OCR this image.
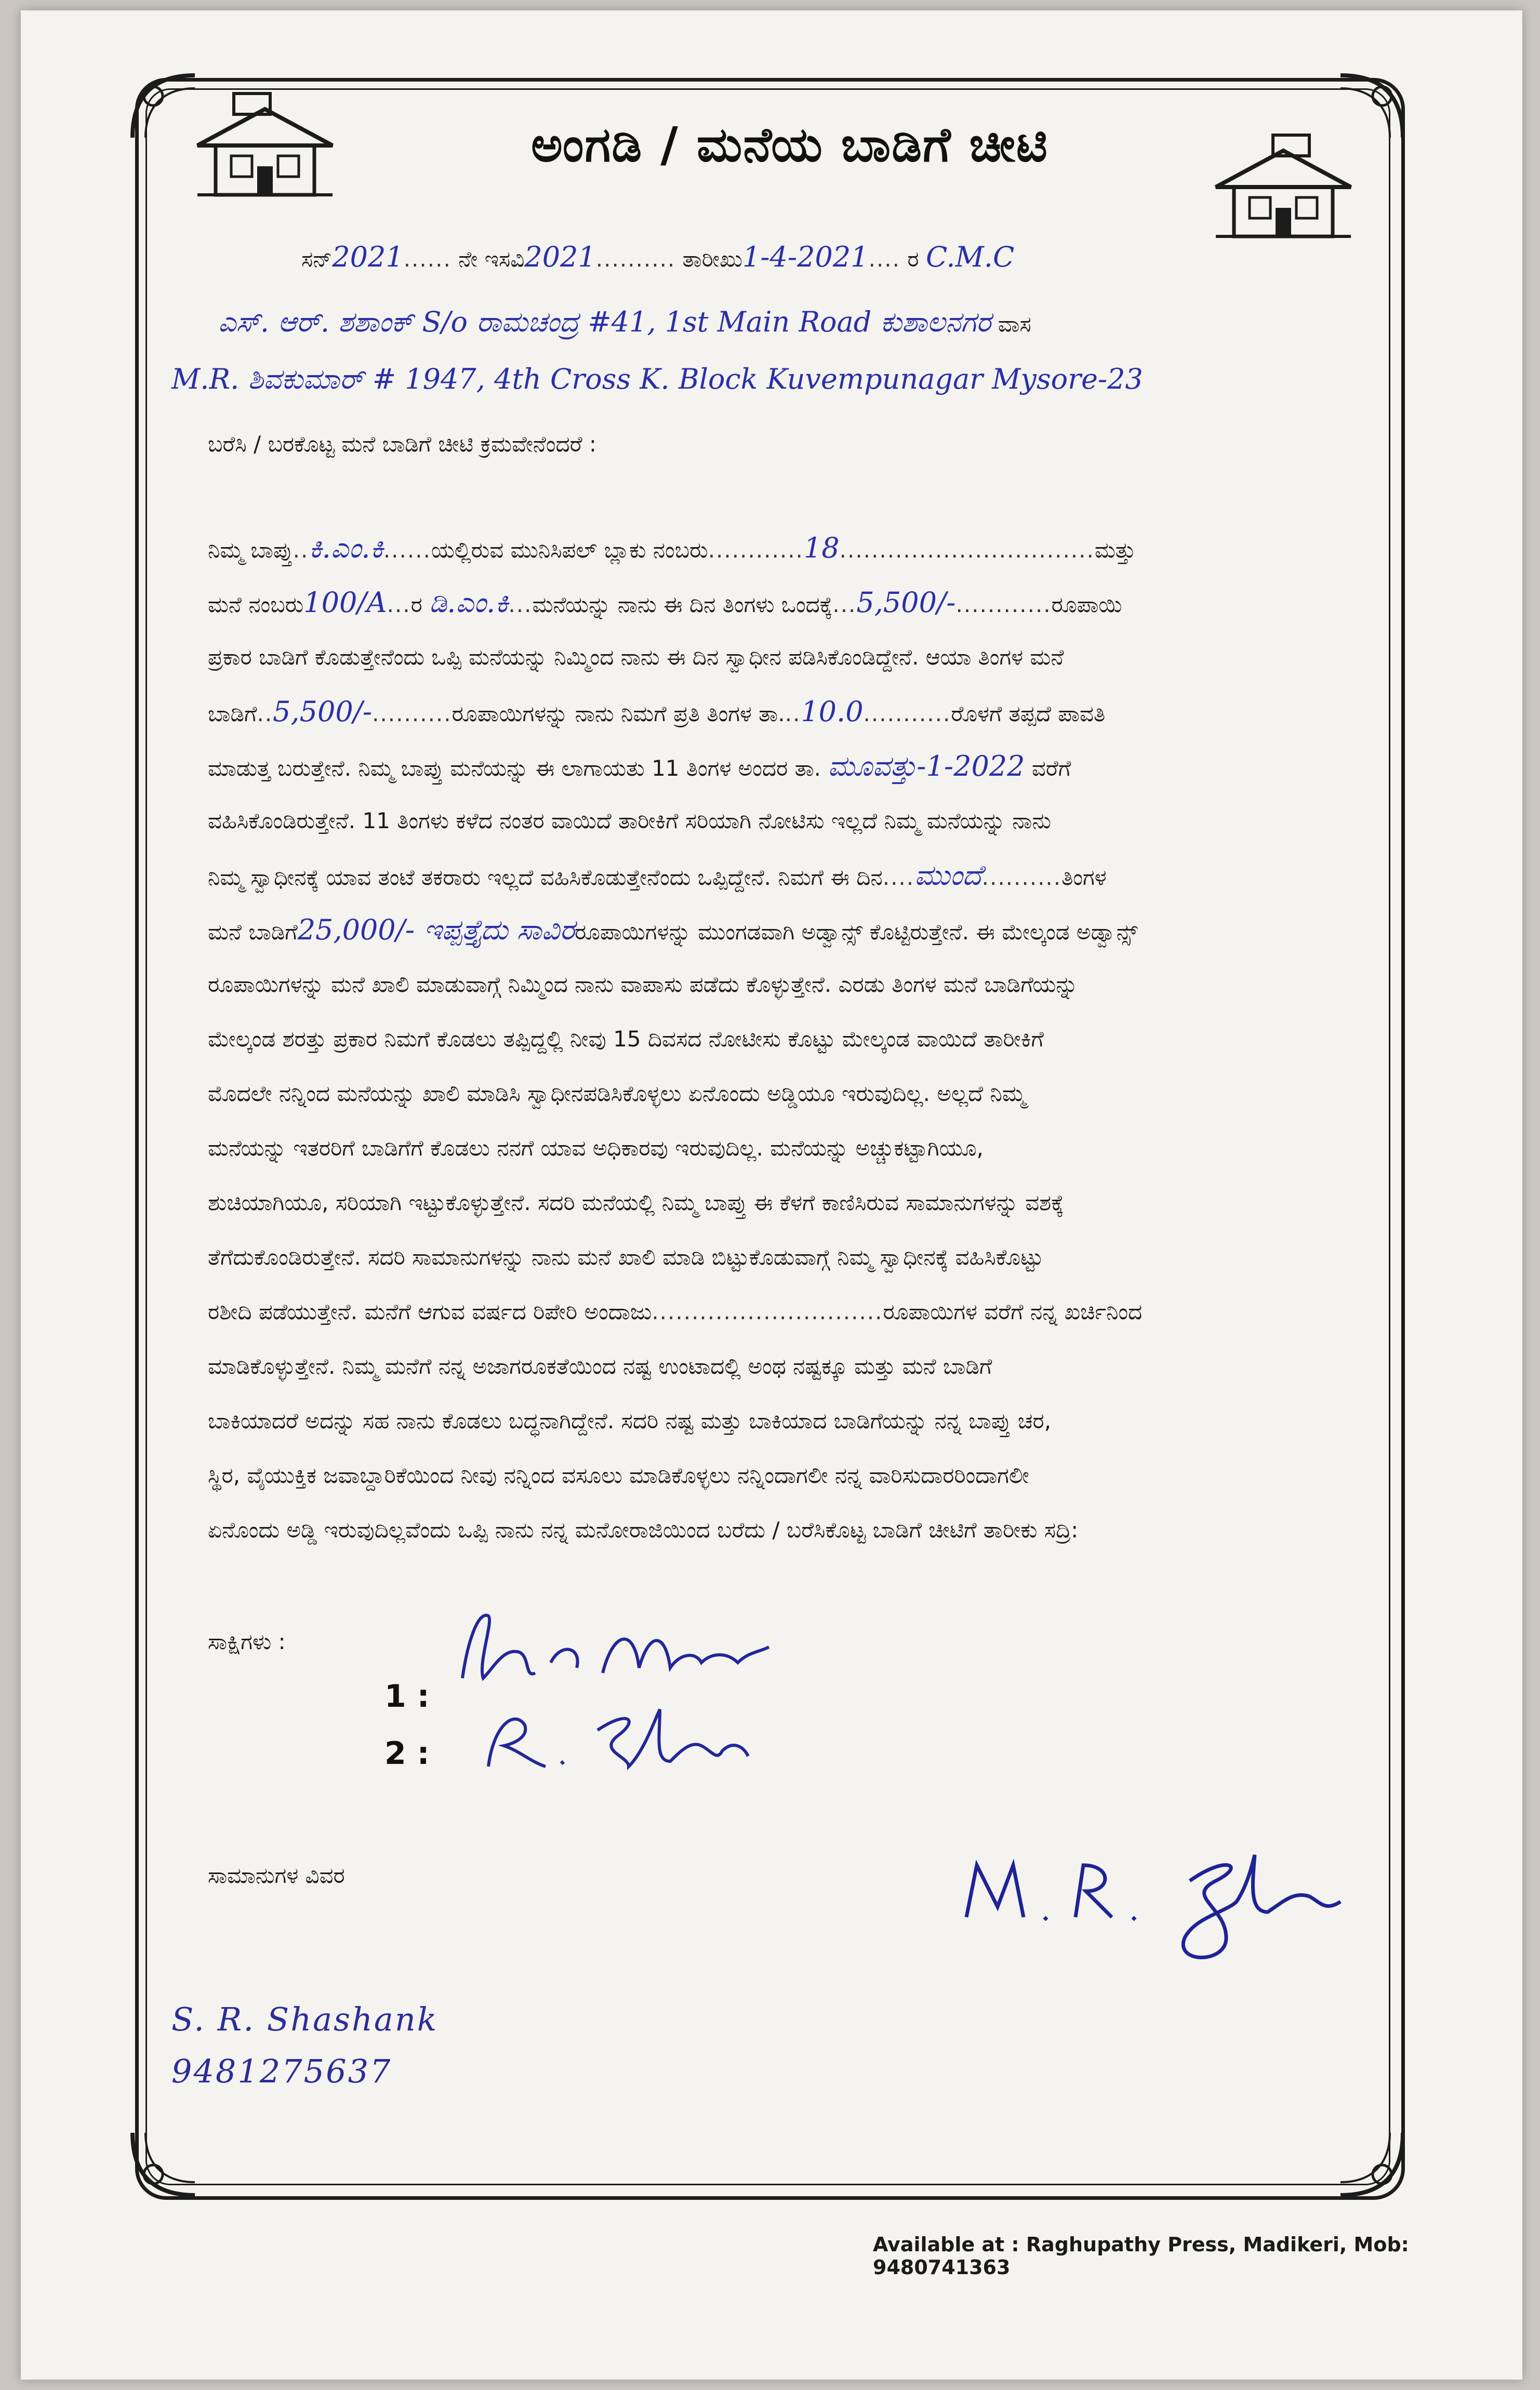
ಅಂಗಡಿ / ಮನೆಯ ಬಾಡಿಗೆ ಚೀಟಿ
ಸನ್2021...... ನೇ ಇಸವಿ2021.......... ತಾರೀಖು1-4-2021.... ರ C.M.C
ಎಸ್. ಆರ್. ಶಶಾಂಕ್ S/o ರಾಮಚಂದ್ರ #41, 1st Main Road ಕುಶಾಲನಗರ ವಾಸ
M.R. ಶಿವಕುಮಾರ್ # 1947, 4th Cross K. Block Kuvempunagar Mysore-23
ಬರೆಸಿ / ಬರಕೊಟ್ಟ ಮನೆ ಬಾಡಿಗೆ ಚೀಟಿ ಕ್ರಮವೇನೆಂದರೆ :
ನಿಮ್ಮ ಬಾಪ್ತು..ಕಿ.ಎಂ.ಕಿ......ಯಲ್ಲಿರುವ ಮುನಿಸಿಪಲ್ ಬ್ಲಾಕು ನಂಬರು............18................................ಮತ್ತು
ಮನೆ ನಂಬರು100/A...ರ ಡಿ.ಎಂ.ಕಿ...ಮನೆಯನ್ನು ನಾನು ಈ ದಿನ ತಿಂಗಳು ಒಂದಕ್ಕೆ...5,500/-............ರೂಪಾಯಿ
ಪ್ರಕಾರ ಬಾಡಿಗೆ ಕೊಡುತ್ತೇನೆಂದು ಒಪ್ಪಿ ಮನೆಯನ್ನು ನಿಮ್ಮಿಂದ ನಾನು ಈ ದಿನ ಸ್ವಾಧೀನ ಪಡಿಸಿಕೊಂಡಿದ್ದೇನೆ. ಆಯಾ ತಿಂಗಳ ಮನೆ
ಬಾಡಿಗೆ..5,500/-..........ರೂಪಾಯಿಗಳನ್ನು ನಾನು ನಿಮಗೆ ಪ್ರತಿ ತಿಂಗಳ ತಾ...10.0...........ರೊಳಗೆ ತಪ್ಪದೆ ಪಾವತಿ
ಮಾಡುತ್ತ ಬರುತ್ತೇನೆ. ನಿಮ್ಮ ಬಾಪ್ತು ಮನೆಯನ್ನು ಈ ಲಾಗಾಯತು 11 ತಿಂಗಳ ಅಂದರ ತಾ. ಮೂವತ್ತು-1-2022 ವರೆಗೆ
ವಹಿಸಿಕೊಂಡಿರುತ್ತೇನೆ. 11 ತಿಂಗಳು ಕಳೆದ ನಂತರ ವಾಯಿದೆ ತಾರೀಕಿಗೆ ಸರಿಯಾಗಿ ನೋಟಿಸು ಇಲ್ಲದೆ ನಿಮ್ಮ ಮನೆಯನ್ನು ನಾನು
ನಿಮ್ಮ ಸ್ವಾಧೀನಕ್ಕೆ ಯಾವ ತಂಟೆ ತಕರಾರು ಇಲ್ಲದೆ ವಹಿಸಿಕೊಡುತ್ತೇನೆಂದು ಒಪ್ಪಿದ್ದೇನೆ. ನಿಮಗೆ ಈ ದಿನ....ಮುಂದೆ..........ತಿಂಗಳ
ಮನೆ ಬಾಡಿಗೆ25,000/- ಇಪ್ಪತ್ತೈದು ಸಾವಿರರೂಪಾಯಿಗಳನ್ನು ಮುಂಗಡವಾಗಿ ಅಡ್ವಾನ್ಸ್ ಕೊಟ್ಟಿರುತ್ತೇನೆ. ಈ ಮೇಲ್ಕಂಡ ಅಡ್ವಾನ್ಸ್
ರೂಪಾಯಿಗಳನ್ನು ಮನೆ ಖಾಲಿ ಮಾಡುವಾಗ್ಗೆ ನಿಮ್ಮಿಂದ ನಾನು ವಾಪಾಸು ಪಡೆದು ಕೊಳ್ಳುತ್ತೇನೆ. ಎರಡು ತಿಂಗಳ ಮನೆ ಬಾಡಿಗೆಯನ್ನು
ಮೇಲ್ಕಂಡ ಶರತ್ತು ಪ್ರಕಾರ ನಿಮಗೆ ಕೊಡಲು ತಪ್ಪಿದ್ದಲ್ಲಿ ನೀವು 15 ದಿವಸದ ನೋಟೀಸು ಕೊಟ್ಟು ಮೇಲ್ಕಂಡ ವಾಯಿದೆ ತಾರೀಕಿಗೆ
ಮೊದಲೇ ನನ್ನಿಂದ ಮನೆಯನ್ನು ಖಾಲಿ ಮಾಡಿಸಿ ಸ್ವಾಧೀನಪಡಿಸಿಕೊಳ್ಳಲು ಏನೊಂದು ಅಡ್ಡಿಯೂ ಇರುವುದಿಲ್ಲ. ಅಲ್ಲದೆ ನಿಮ್ಮ
ಮನೆಯನ್ನು ಇತರರಿಗೆ ಬಾಡಿಗೆಗೆ ಕೊಡಲು ನನಗೆ ಯಾವ ಅಧಿಕಾರವು ಇರುವುದಿಲ್ಲ. ಮನೆಯನ್ನು ಅಚ್ಚುಕಟ್ಟಾಗಿಯೂ,
ಶುಚಿಯಾಗಿಯೂ, ಸರಿಯಾಗಿ ಇಟ್ಟುಕೊಳ್ಳುತ್ತೇನೆ. ಸದರಿ ಮನೆಯಲ್ಲಿ ನಿಮ್ಮ ಬಾಪ್ತು ಈ ಕೆಳಗೆ ಕಾಣಿಸಿರುವ ಸಾಮಾನುಗಳನ್ನು ವಶಕ್ಕೆ
ತೆಗೆದುಕೊಂಡಿರುತ್ತೇನೆ. ಸದರಿ ಸಾಮಾನುಗಳನ್ನು ನಾನು ಮನೆ ಖಾಲಿ ಮಾಡಿ ಬಿಟ್ಟುಕೊಡುವಾಗ್ಗೆ ನಿಮ್ಮ ಸ್ವಾಧೀನಕ್ಕೆ ವಹಿಸಿಕೊಟ್ಟು
ರಶೀದಿ ಪಡೆಯುತ್ತೇನೆ. ಮನೆಗೆ ಆಗುವ ವರ್ಷದ ರಿಪೇರಿ ಅಂದಾಜು.............................ರೂಪಾಯಿಗಳ ವರೆಗೆ ನನ್ನ ಖರ್ಚಿನಿಂದ
ಮಾಡಿಕೊಳ್ಳುತ್ತೇನೆ. ನಿಮ್ಮ ಮನೆಗೆ ನನ್ನ ಅಜಾಗರೂಕತೆಯಿಂದ ನಷ್ಟ ಉಂಟಾದಲ್ಲಿ ಅಂಥ ನಷ್ಟಕ್ಕೂ ಮತ್ತು ಮನೆ ಬಾಡಿಗೆ
ಬಾಕಿಯಾದರೆ ಅದನ್ನು ಸಹ ನಾನು ಕೊಡಲು ಬದ್ಧನಾಗಿದ್ದೇನೆ. ಸದರಿ ನಷ್ಟ ಮತ್ತು ಬಾಕಿಯಾದ ಬಾಡಿಗೆಯನ್ನು ನನ್ನ ಬಾಪ್ತು ಚರ,
ಸ್ಥಿರ, ವೈಯುಕ್ತಿಕ ಜವಾಬ್ದಾರಿಕೆಯಿಂದ ನೀವು ನನ್ನಿಂದ ವಸೂಲು ಮಾಡಿಕೊಳ್ಳಲು ನನ್ನಿಂದಾಗಲೀ ನನ್ನ ವಾರಿಸುದಾರರಿಂದಾಗಲೀ
ಏನೊಂದು ಅಡ್ಡಿ ಇರುವುದಿಲ್ಲವೆಂದು ಒಪ್ಪಿ ನಾನು ನನ್ನ ಮನೋರಾಜಿಯಿಂದ ಬರೆದು / ಬರೆಸಿಕೊಟ್ಟ ಬಾಡಿಗೆ ಚೀಟಿಗೆ ತಾರೀಕು ಸದ್ರಿ:
ಸಾಕ್ಷಿಗಳು :
1 :
2 :
ಸಾಮಾನುಗಳ ವಿವರ
S. R. Shashank
9481275637
Available at : Raghupathy Press, Madikeri, Mob: 9480741363
